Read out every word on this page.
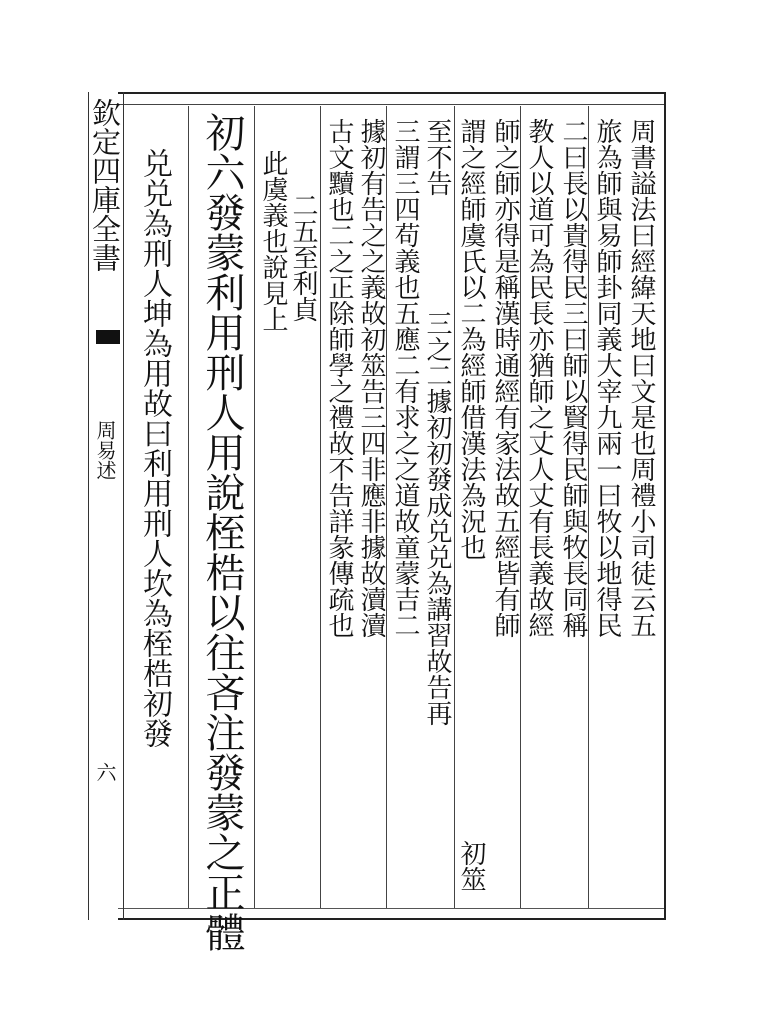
欽定四庫全書
周易述
六
周書謚法曰經緯天地曰文是也周禮小司徒云五
旅為師與易師卦同義大宰九兩一曰牧以地得民
二曰長以貴得民三曰師以賢得民師與牧長同稱
教人以道可為民長亦猶師之丈人丈有長義故經
師之師亦得是稱漢時通經有家法故五經皆有師
謂之經師虞氏以二為經師借漢法為況也
初筮
至不告
三之二據初初發成兑兑為講習故告再
三謂三四苟義也五應二有求之之道故童蒙吉二
據初有告之之義故初筮告三四非應非據故瀆瀆
古文黷也二之正除師學之禮故不告詳彖傳疏也
二五至利貞
此虞義也說見上
初六發蒙利用刑人用說桎梏以往吝注發蒙之正體
兑兑為刑人坤為用故曰利用刑人坎為桎梏初發
